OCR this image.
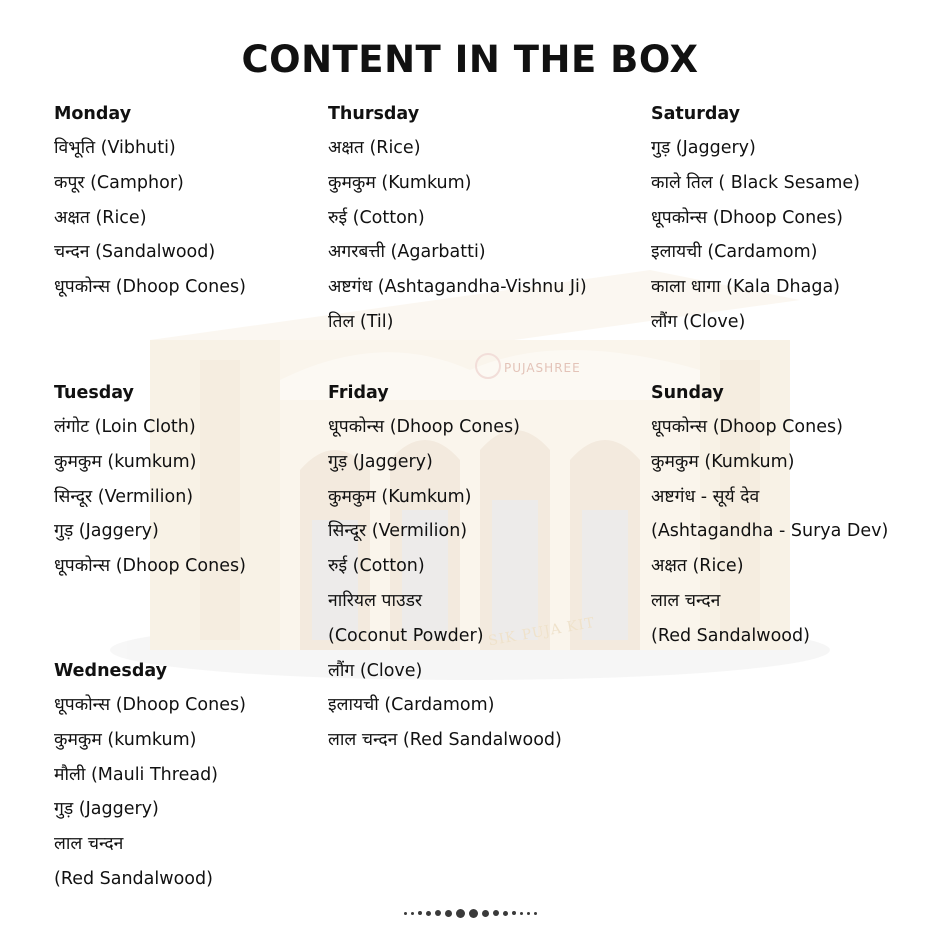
PUJASHREE
SIK PUJA KIT
CONTENT IN THE BOX
Monday
विभूति (Vibhuti)
कपूर (Camphor)
अक्षत (Rice)
चन्दन (Sandalwood)
धूपकोन्स (Dhoop Cones)
Tuesday
लंगोट (Loin Cloth)
कुमकुम (kumkum)
सिन्दूर (Vermilion)
गुड़ (Jaggery)
धूपकोन्स (Dhoop Cones)
Wednesday
धूपकोन्स (Dhoop Cones)
कुमकुम (kumkum)
मौली (Mauli Thread)
गुड़ (Jaggery)
लाल चन्दन
(Red Sandalwood)
Thursday
अक्षत (Rice)
कुमकुम (Kumkum)
रुई (Cotton)
अगरबत्ती (Agarbatti)
अष्टगंध (Ashtagandha-Vishnu Ji)
तिल (Til)
Friday
धूपकोन्स (Dhoop Cones)
गुड़ (Jaggery)
कुमकुम (Kumkum)
सिन्दूर (Vermilion)
रुई (Cotton)
नारियल पाउडर
(Coconut Powder)
लौंग (Clove)
इलायची (Cardamom)
लाल चन्दन (Red Sandalwood)
Saturday
गुड़ (Jaggery)
काले तिल ( Black Sesame)
धूपकोन्स (Dhoop Cones)
इलायची (Cardamom)
काला धागा (Kala Dhaga)
लौंग (Clove)
Sunday
धूपकोन्स (Dhoop Cones)
कुमकुम (Kumkum)
अष्टगंध - सूर्य देव
(Ashtagandha - Surya Dev)
अक्षत (Rice)
लाल चन्दन
(Red Sandalwood)
